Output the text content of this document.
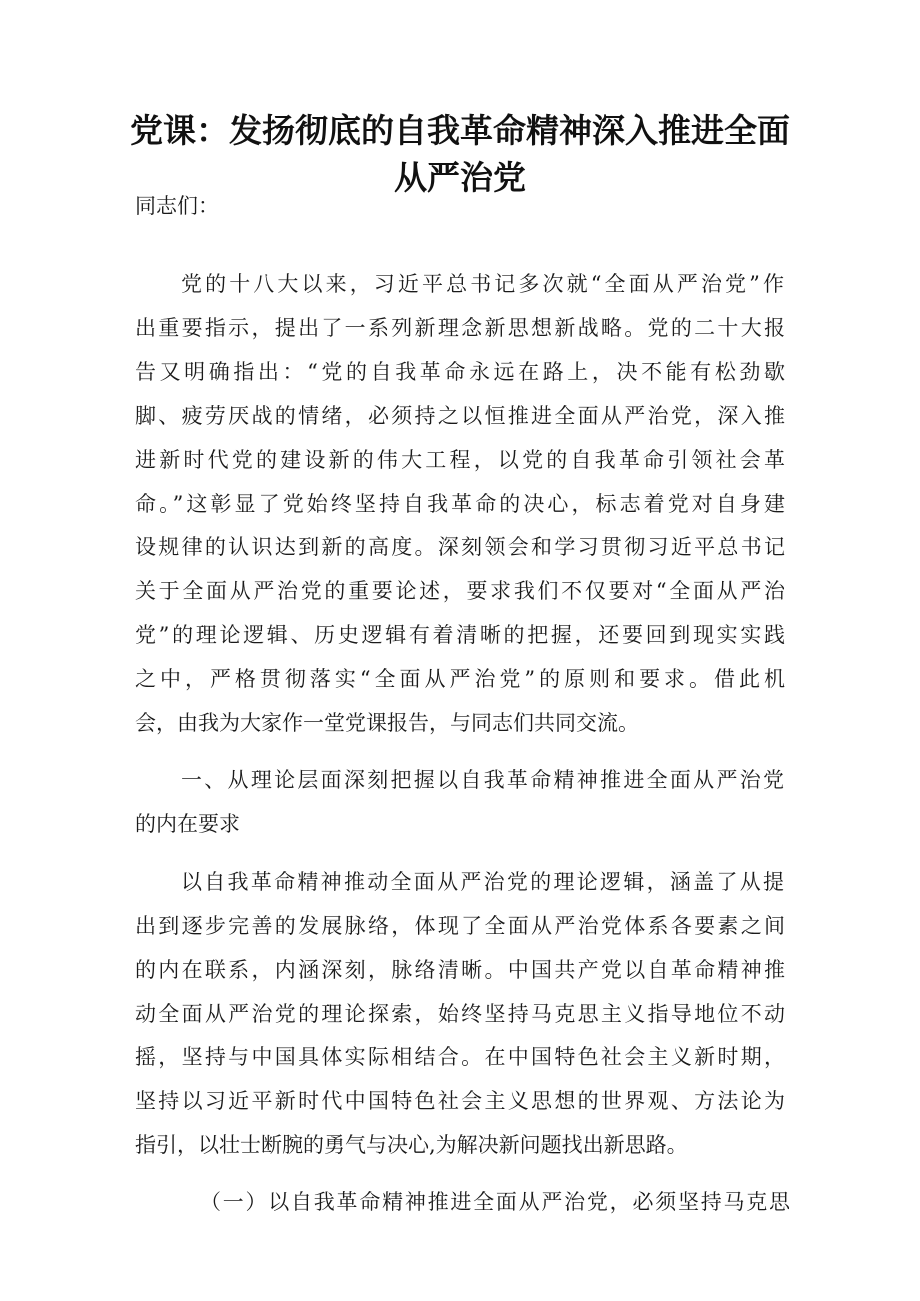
党课：发扬彻底的自我革命精神深入推进全面
从严治党
同志们：
党的十八大以来，习近平总书记多次就“全面从严治党”作
出重要指示，提出了一系列新理念新思想新战略。党的二十大报
告又明确指出：“党的自我革命永远在路上，决不能有松劲歇
脚、疲劳厌战的情绪，必须持之以恒推进全面从严治党，深入推
进新时代党的建设新的伟大工程，以党的自我革命引领社会革
命。”这彰显了党始终坚持自我革命的决心，标志着党对自身建
设规律的认识达到新的高度。深刻领会和学习贯彻习近平总书记
关于全面从严治党的重要论述，要求我们不仅要对“全面从严治
党”的理论逻辑、历史逻辑有着清晰的把握，还要回到现实实践
之中，严格贯彻落实“全面从严治党”的原则和要求。借此机
会，由我为大家作一堂党课报告，与同志们共同交流。
一、从理论层面深刻把握以自我革命精神推进全面从严治党
的内在要求
以自我革命精神推动全面从严治党的理论逻辑，涵盖了从提
出到逐步完善的发展脉络，体现了全面从严治党体系各要素之间
的内在联系，内涵深刻，脉络清晰。中国共产党以自革命精神推
动全面从严治党的理论探索，始终坚持马克思主义指导地位不动
摇，坚持与中国具体实际相结合。在中国特色社会主义新时期，
坚持以习近平新时代中国特色社会主义思想的世界观、方法论为
指引，以壮士断腕的勇气与决心,为解决新问题找出新思路。
（一）以自我革命精神推进全面从严治党，必须坚持马克思
